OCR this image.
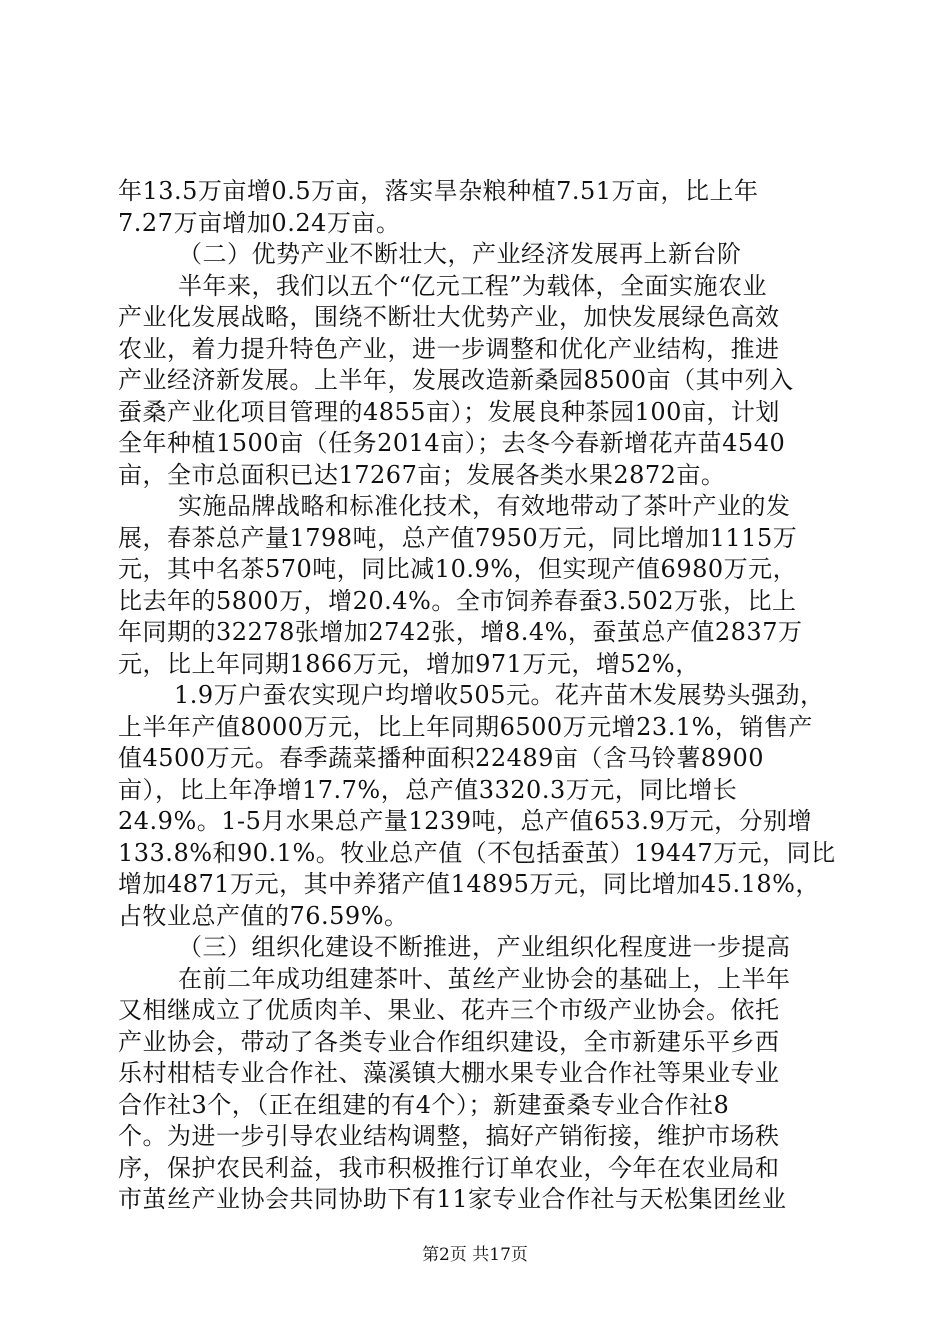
年13.5万亩增0.5万亩，落实旱杂粮种植7.51万亩，比上年
7.27万亩增加0.24万亩。
（二）优势产业不断壮大，产业经济发展再上新台阶
半年来，我们以五个“亿元工程”为载体，全面实施农业
产业化发展战略，围绕不断壮大优势产业，加快发展绿色高效
农业，着力提升特色产业，进一步调整和优化产业结构，推进
产业经济新发展。上半年，发展改造新桑园8500亩（其中列入
蚕桑产业化项目管理的4855亩）；发展良种茶园100亩，计划
全年种植1500亩（任务2014亩）；去冬今春新增花卉苗4540
亩，全市总面积已达17267亩；发展各类水果2872亩。
实施品牌战略和标准化技术，有效地带动了茶叶产业的发
展，春茶总产量1798吨，总产值7950万元，同比增加1115万
元，其中名茶570吨，同比减10.9%，但实现产值6980万元，
比去年的5800万，增20.4%。全市饲养春蚕3.502万张，比上
年同期的32278张增加2742张，增8.4%，蚕茧总产值2837万
元，比上年同期1866万元，增加971万元，增52%，
1.9万户蚕农实现户均增收505元。花卉苗木发展势头强劲，
上半年产值8000万元，比上年同期6500万元增23.1%，销售产
值4500万元。春季蔬菜播种面积22489亩（含马铃薯8900
亩），比上年净增17.7%，总产值3320.3万元，同比增长
24.9%。1-5月水果总产量1239吨，总产值653.9万元，分别增
133.8%和90.1%。牧业总产值（不包括蚕茧）19447万元，同比
增加4871万元，其中养猪产值14895万元，同比增加45.18%，
占牧业总产值的76.59%。
（三）组织化建设不断推进，产业组织化程度进一步提高
在前二年成功组建茶叶、茧丝产业协会的基础上，上半年
又相继成立了优质肉羊、果业、花卉三个市级产业协会。依托
产业协会，带动了各类专业合作组织建设，全市新建乐平乡西
乐村柑桔专业合作社、藻溪镇大棚水果专业合作社等果业专业
合作社3个，（正在组建的有4个）；新建蚕桑专业合作社8
个。为进一步引导农业结构调整，搞好产销衔接，维护市场秩
序，保护农民利益，我市积极推行订单农业，今年在农业局和
市茧丝产业协会共同协助下有11家专业合作社与天松集团丝业
第2页 共17页
